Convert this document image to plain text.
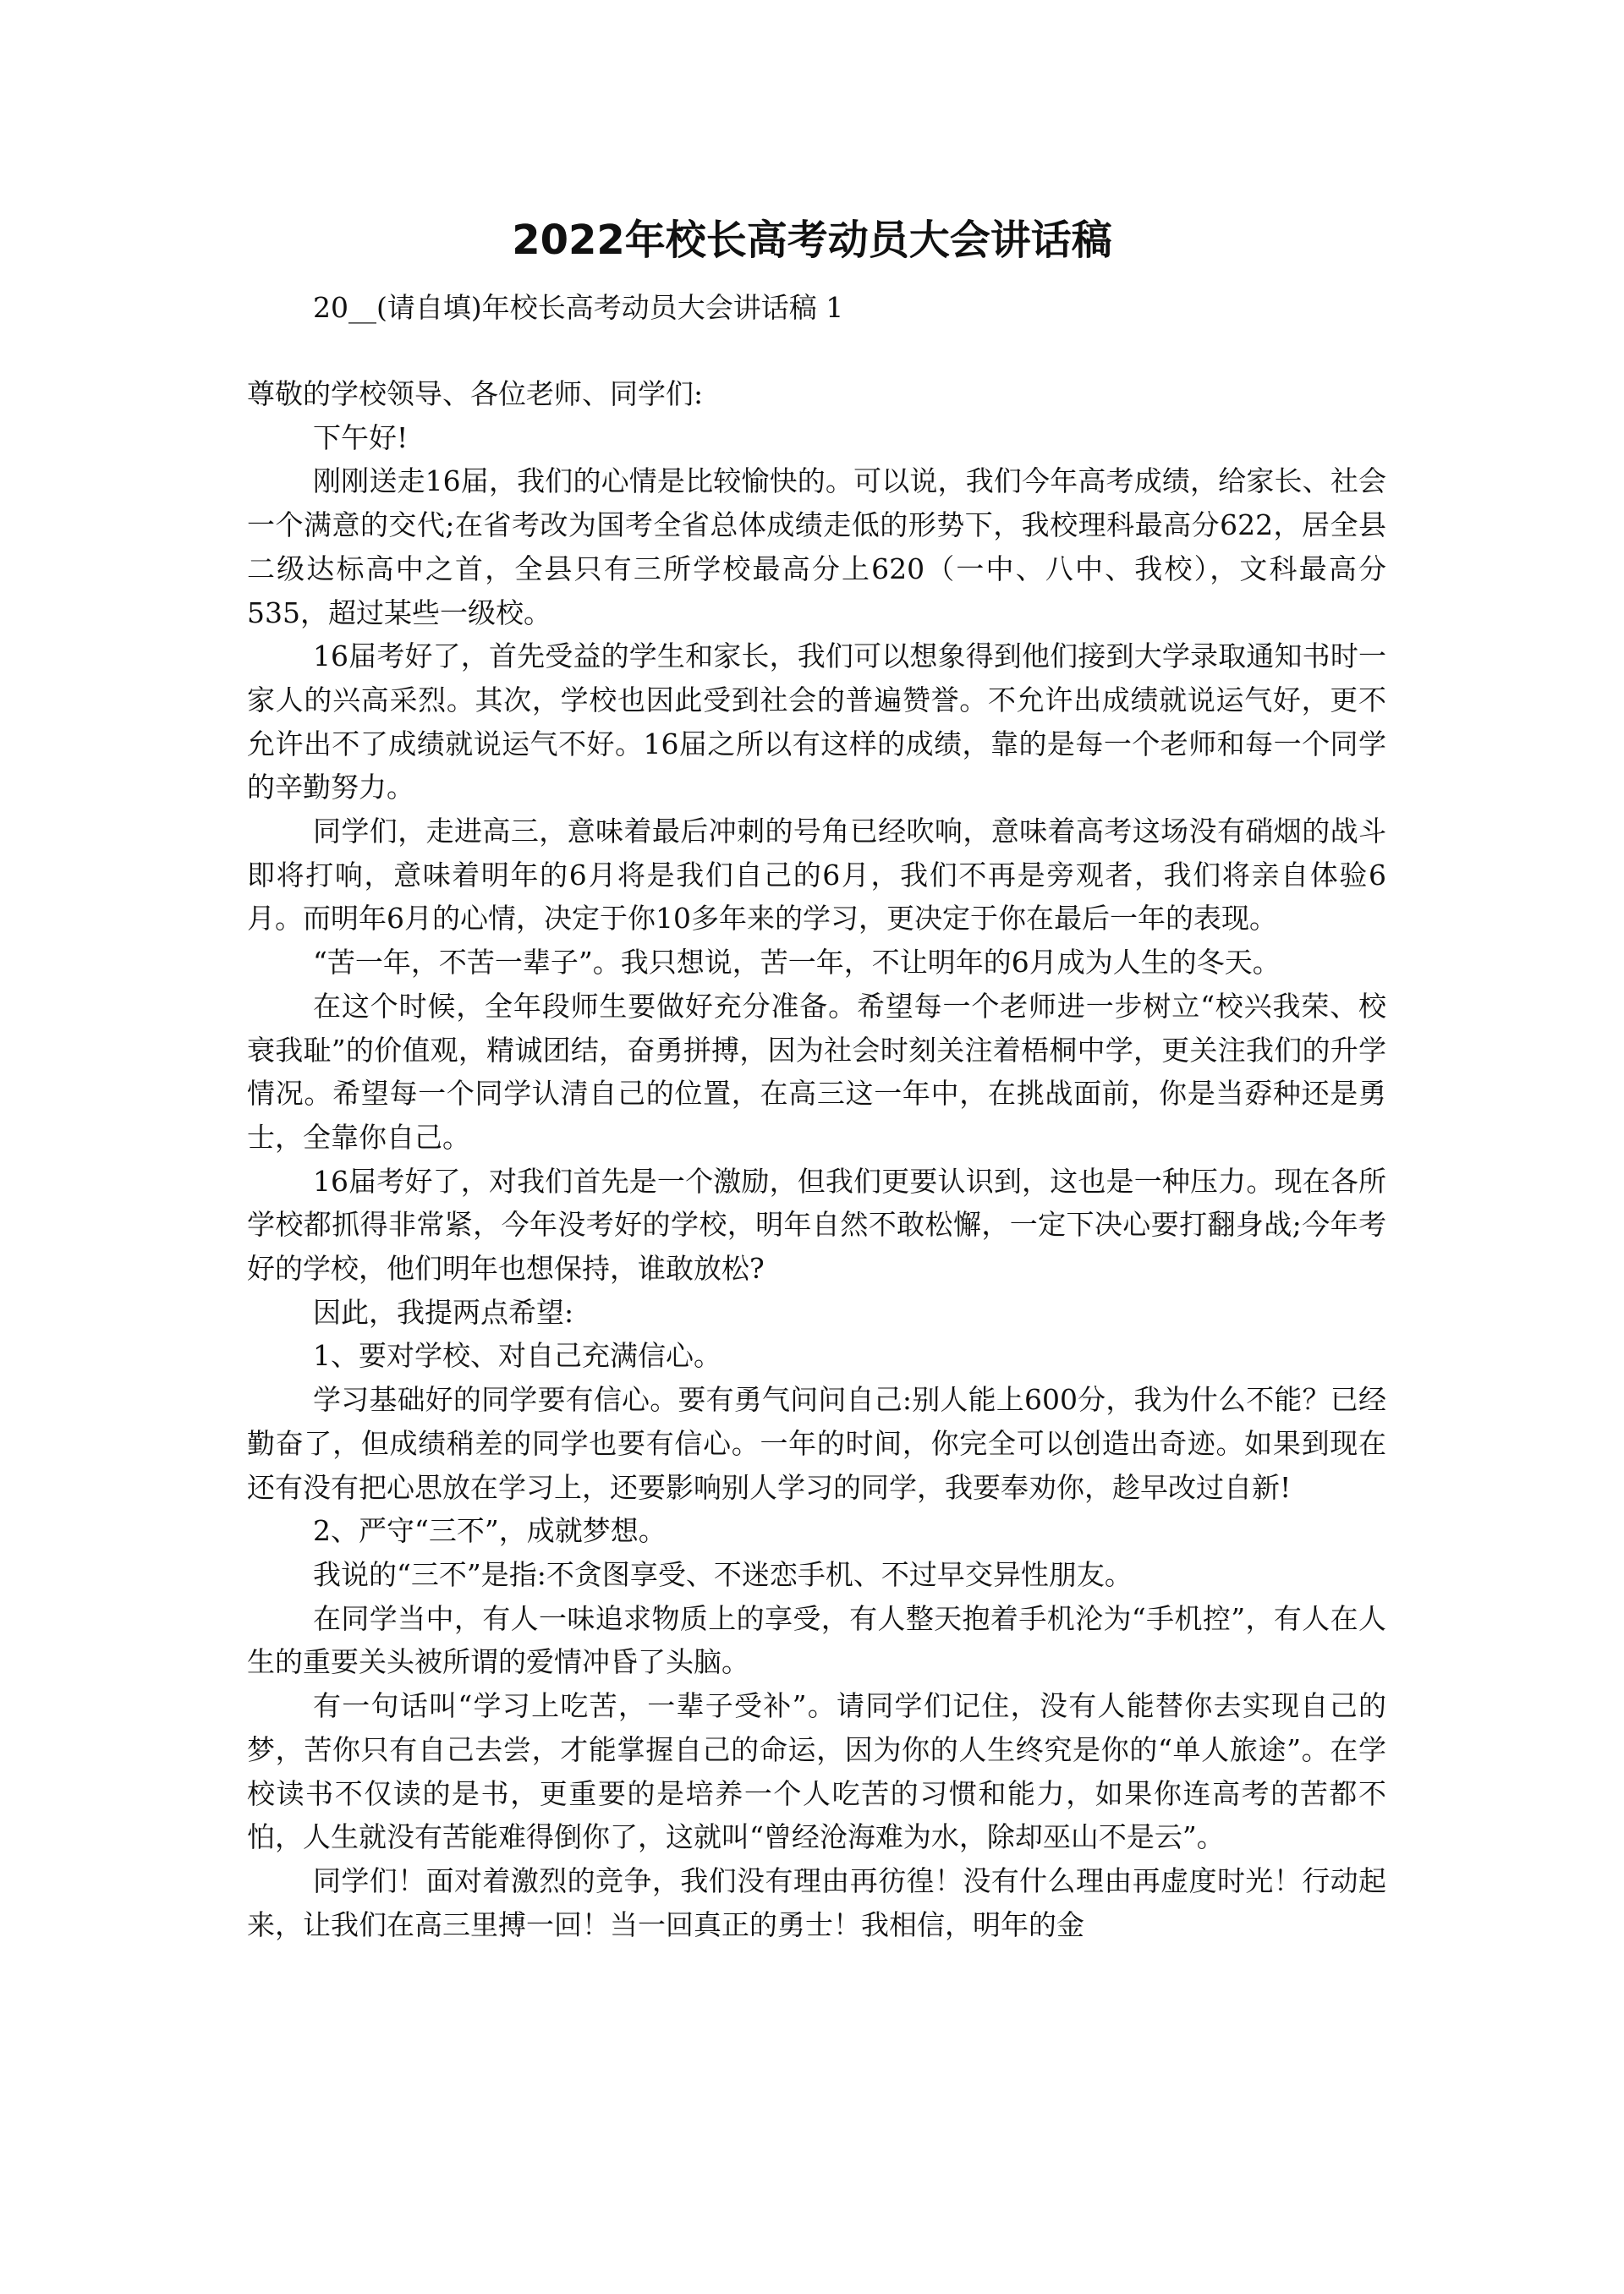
2022年校长高考动员大会讲话稿

20__(请自填)年校长高考动员大会讲话稿 1

尊敬的学校领导、各位老师、同学们:

下午好!

刚刚送走16届，我们的心情是比较愉快的。可以说，我们今年高考成绩，给家长、社会一个满意的交代;在省考改为国考全省总体成绩走低的形势下，我校理科最高分622，居全县二级达标高中之首，全县只有三所学校最高分上620（一中、八中、我校），文科最高分535，超过某些一级校。

16届考好了，首先受益的学生和家长，我们可以想象得到他们接到大学录取通知书时一家人的兴高采烈。其次，学校也因此受到社会的普遍赞誉。不允许出成绩就说运气好，更不允许出不了成绩就说运气不好。16届之所以有这样的成绩，靠的是每一个老师和每一个同学的辛勤努力。

同学们，走进高三，意味着最后冲刺的号角已经吹响，意味着高考这场没有硝烟的战斗即将打响，意味着明年的6月将是我们自己的6月，我们不再是旁观者，我们将亲自体验6月。而明年6月的心情，决定于你10多年来的学习，更决定于你在最后一年的表现。

“苦一年，不苦一辈子”。我只想说，苦一年，不让明年的6月成为人生的冬天。

在这个时候，全年段师生要做好充分准备。希望每一个老师进一步树立“校兴我荣、校衰我耻”的价值观，精诚团结，奋勇拼搏，因为社会时刻关注着梧桐中学，更关注我们的升学情况。希望每一个同学认清自己的位置，在高三这一年中，在挑战面前，你是当孬种还是勇士，全靠你自己。

16届考好了，对我们首先是一个激励，但我们更要认识到，这也是一种压力。现在各所学校都抓得非常紧，今年没考好的学校，明年自然不敢松懈，一定下决心要打翻身战;今年考好的学校，他们明年也想保持，谁敢放松?

因此，我提两点希望:

1、要对学校、对自己充满信心。

学习基础好的同学要有信心。要有勇气问问自己:别人能上600分，我为什么不能？已经勤奋了，但成绩稍差的同学也要有信心。一年的时间，你完全可以创造出奇迹。如果到现在还有没有把心思放在学习上，还要影响别人学习的同学，我要奉劝你，趁早改过自新!

2、严守“三不”，成就梦想。

我说的“三不”是指:不贪图享受、不迷恋手机、不过早交异性朋友。

在同学当中，有人一味追求物质上的享受，有人整天抱着手机沦为“手机控”，有人在人生的重要关头被所谓的爱情冲昏了头脑。

有一句话叫“学习上吃苦，一辈子受补”。请同学们记住，没有人能替你去实现自己的梦，苦你只有自己去尝，才能掌握自己的命运，因为你的人生终究是你的“单人旅途”。在学校读书不仅读的是书，更重要的是培养一个人吃苦的习惯和能力，如果你连高考的苦都不怕，人生就没有苦能难得倒你了，这就叫“曾经沧海难为水，除却巫山不是云”。

同学们！面对着激烈的竞争，我们没有理由再彷徨！没有什么理由再虚度时光！行动起来，让我们在高三里搏一回！当一回真正的勇士！我相信，明年的金
